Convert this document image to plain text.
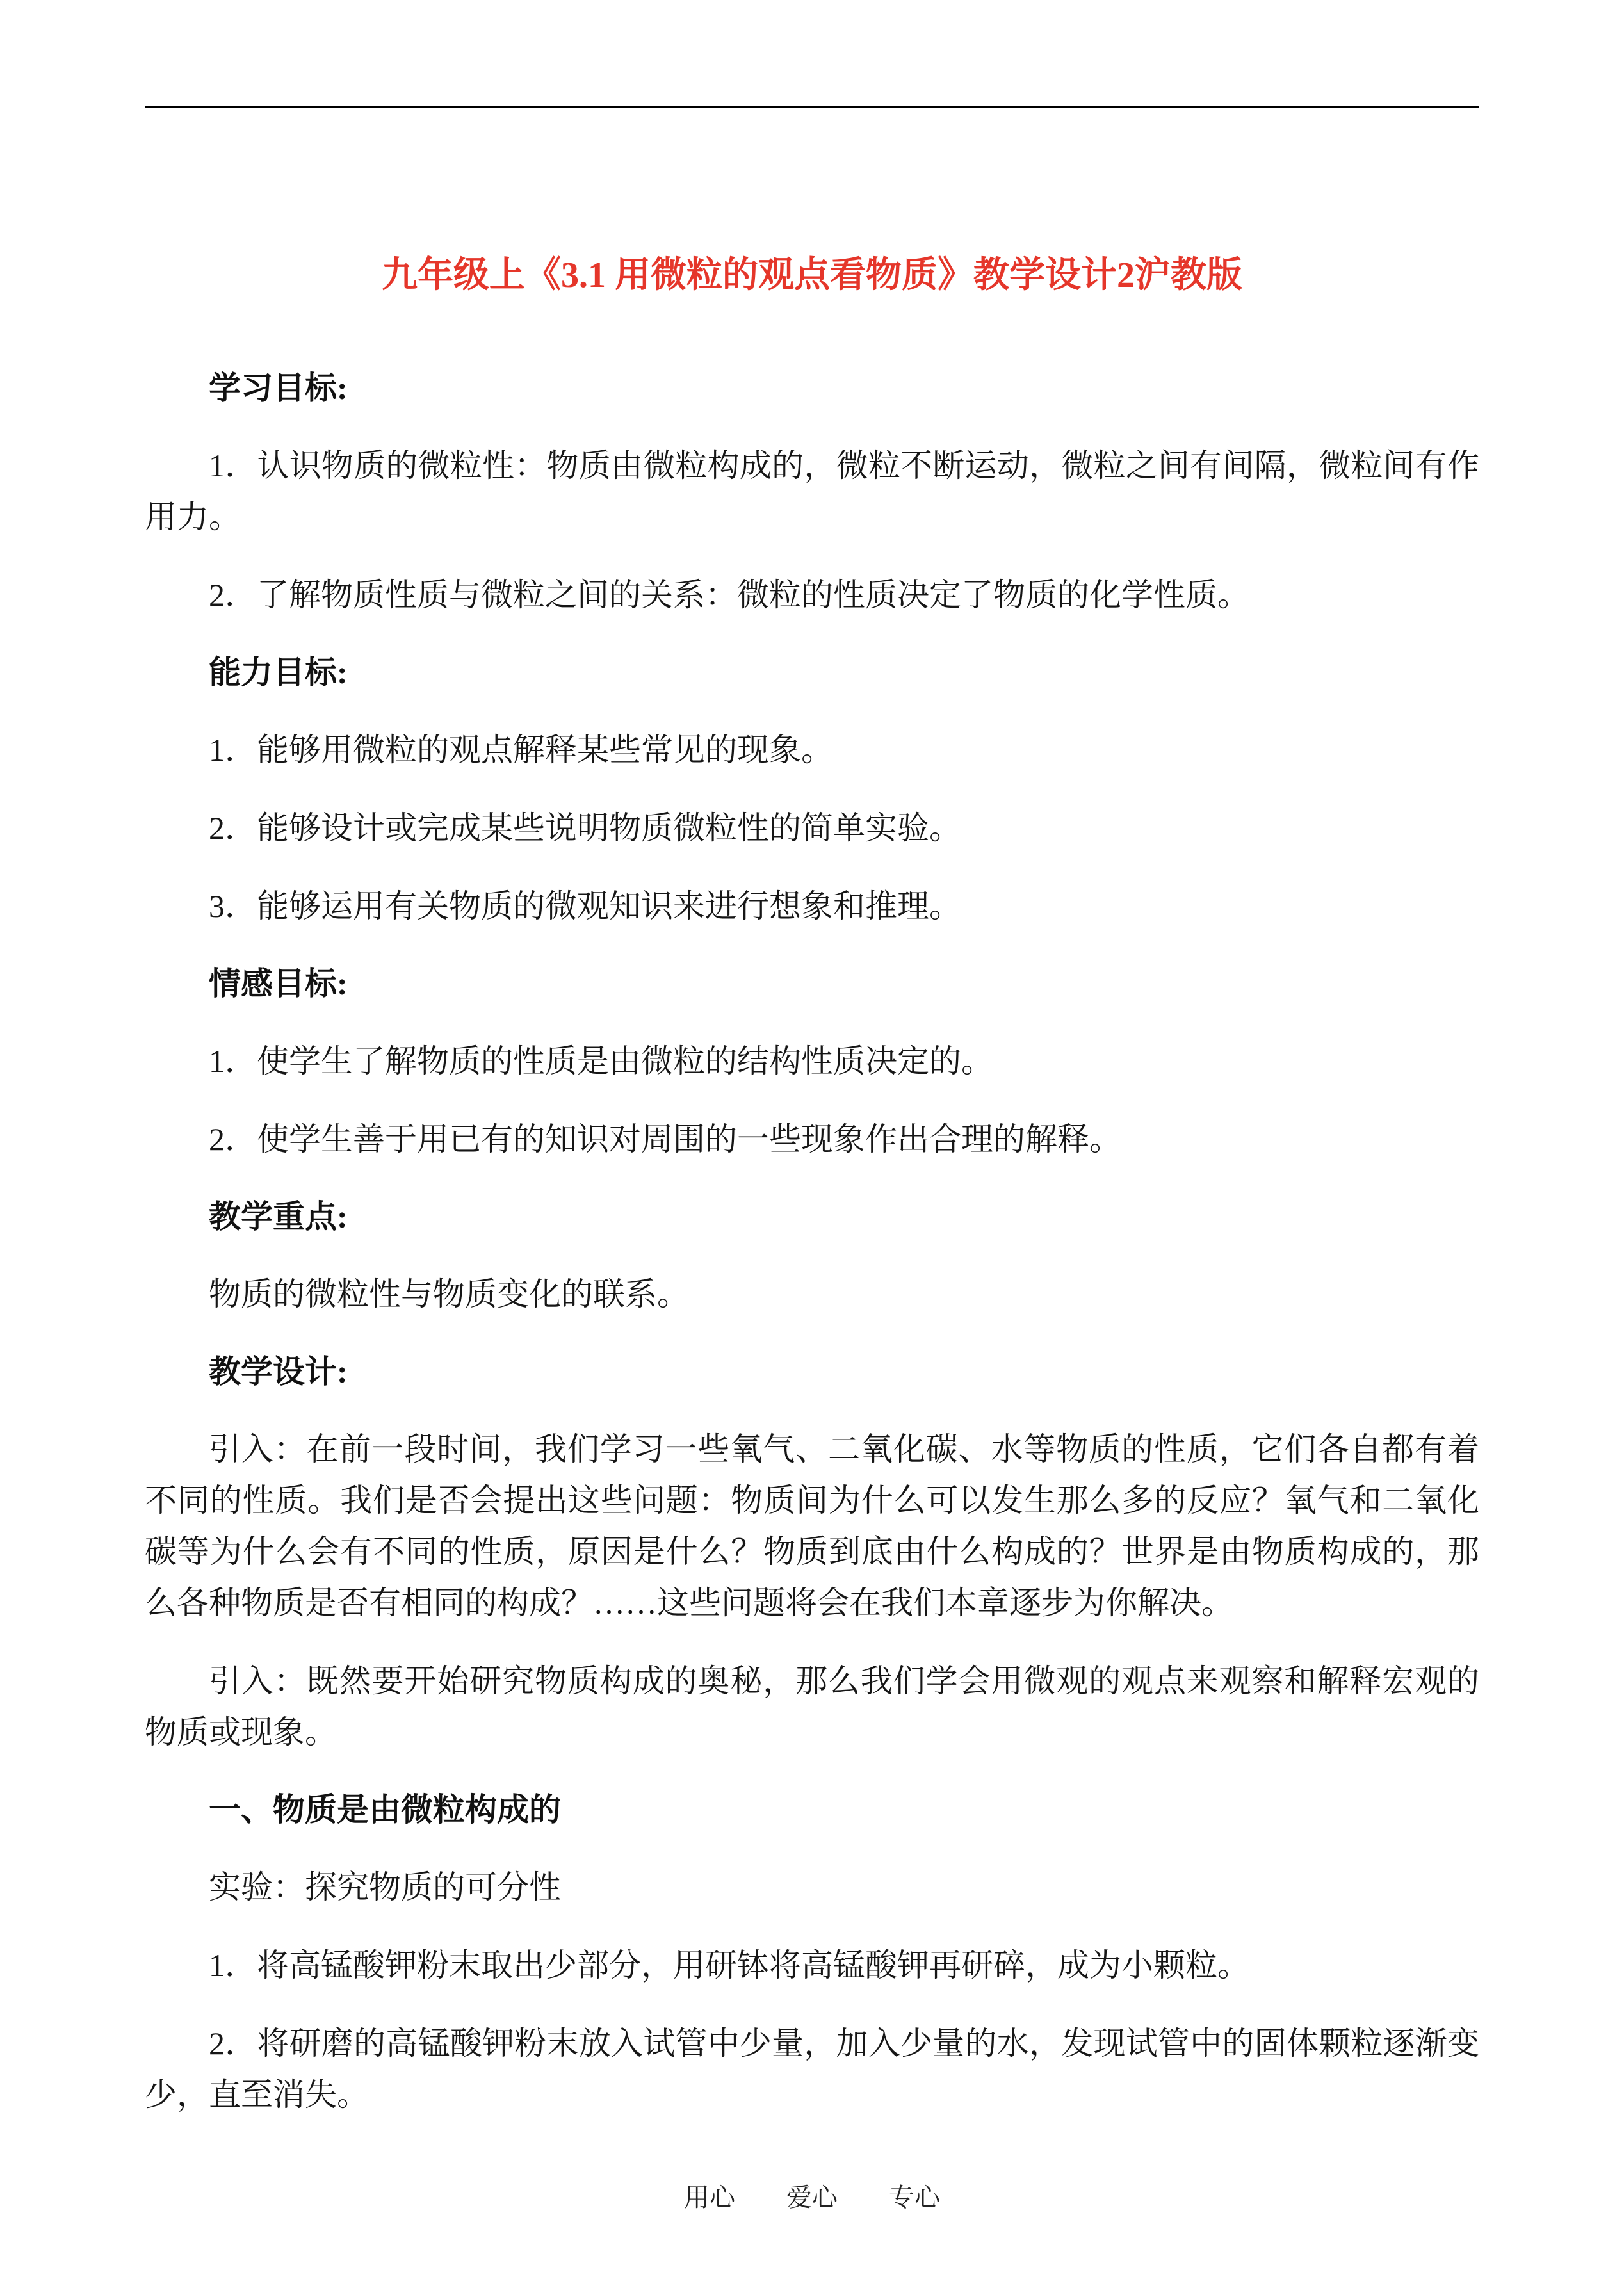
九年级上《3.1 用微粒的观点看物质》教学设计2沪教版
学习目标:

1．认识物质的微粒性：物质由微粒构成的，微粒不断运动，微粒之间有间隔，微粒间有作用力。

2．了解物质性质与微粒之间的关系：微粒的性质决定了物质的化学性质。

能力目标:

1．能够用微粒的观点解释某些常见的现象。

2．能够设计或完成某些说明物质微粒性的简单实验。

3．能够运用有关物质的微观知识来进行想象和推理。

情感目标:

1．使学生了解物质的性质是由微粒的结构性质决定的。

2．使学生善于用已有的知识对周围的一些现象作出合理的解释。

教学重点:

物质的微粒性与物质变化的联系。

教学设计:

引入：在前一段时间，我们学习一些氧气、二氧化碳、水等物质的性质，它们各自都有着不同的性质。我们是否会提出这些问题：物质间为什么可以发生那么多的反应？氧气和二氧化碳等为什么会有不同的性质，原因是什么？物质到底由什么构成的？世界是由物质构成的，那么各种物质是否有相同的构成？……这些问题将会在我们本章逐步为你解决。

引入：既然要开始研究物质构成的奥秘，那么我们学会用微观的观点来观察和解释宏观的物质或现象。

一、物质是由微粒构成的

实验：探究物质的可分性

1．将高锰酸钾粉末取出少部分，用研钵将高锰酸钾再研碎，成为小颗粒。

2．将研磨的高锰酸钾粉末放入试管中少量，加入少量的水，发现试管中的固体颗粒逐渐变少，直至消失。

用心　　爱心　　专心
